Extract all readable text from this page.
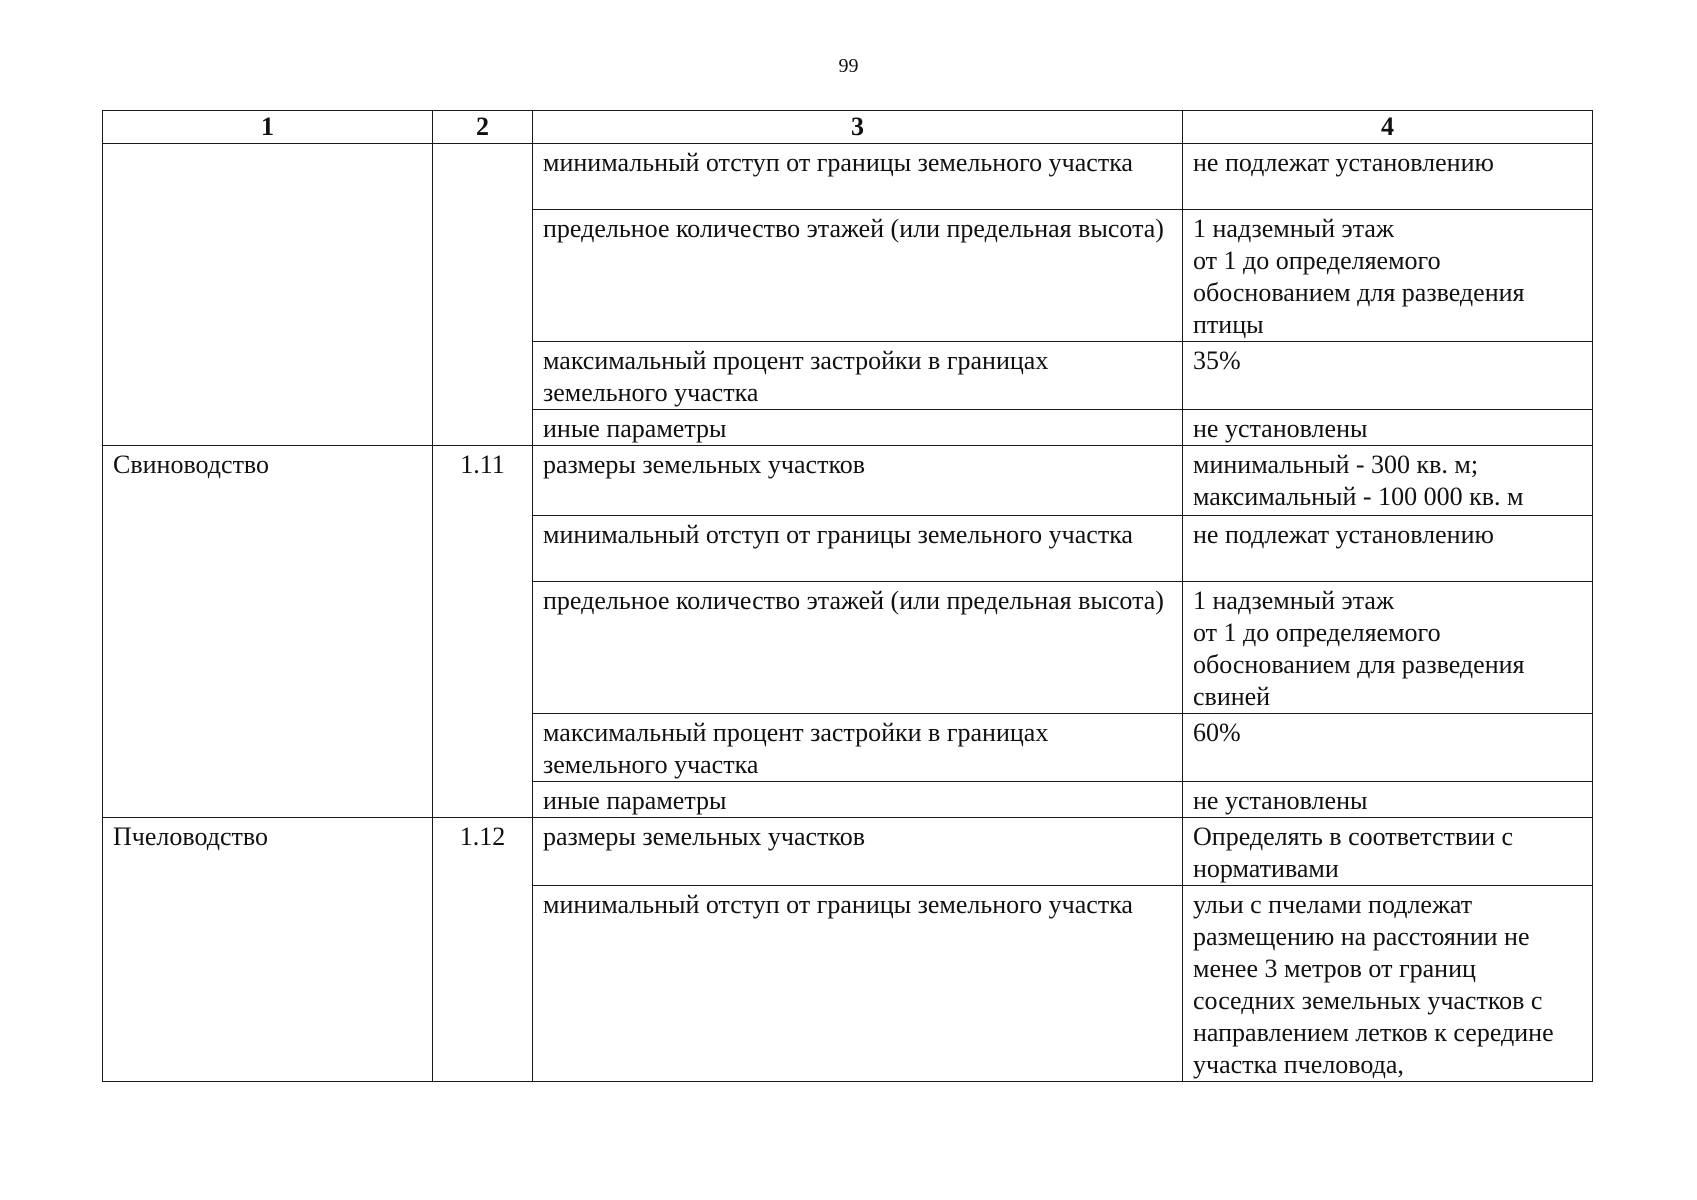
99
1	2	3	4
		минимальный отступ от границы земельного участка	не подлежат установлению

		предельное количество этажей (или предельная высота)	1 надземный этаж
от 1 до определяемого обоснованием для разведения птицы

		максимальный процент застройки в границах земельного участка	35%

		иные параметры	не установлены

Свиноводство	1.11	размеры земельных участков	минимальный - 300 кв. м;
максимальный - 100 000 кв. м

		минимальный отступ от границы земельного участка	не подлежат установлению

		предельное количество этажей (или предельная высота)	1 надземный этаж
от 1 до определяемого обоснованием для разведения свиней

		максимальный процент застройки в границах земельного участка	60%

		иные параметры	не установлены

Пчеловодство	1.12	размеры земельных участков	Определять в соответствии с нормативами

		минимальный отступ от границы земельного участка	ульи с пчелами подлежат размещению на расстоянии не менее 3 метров от границ соседних земельных участков с направлением летков к середине участка пчеловода,
